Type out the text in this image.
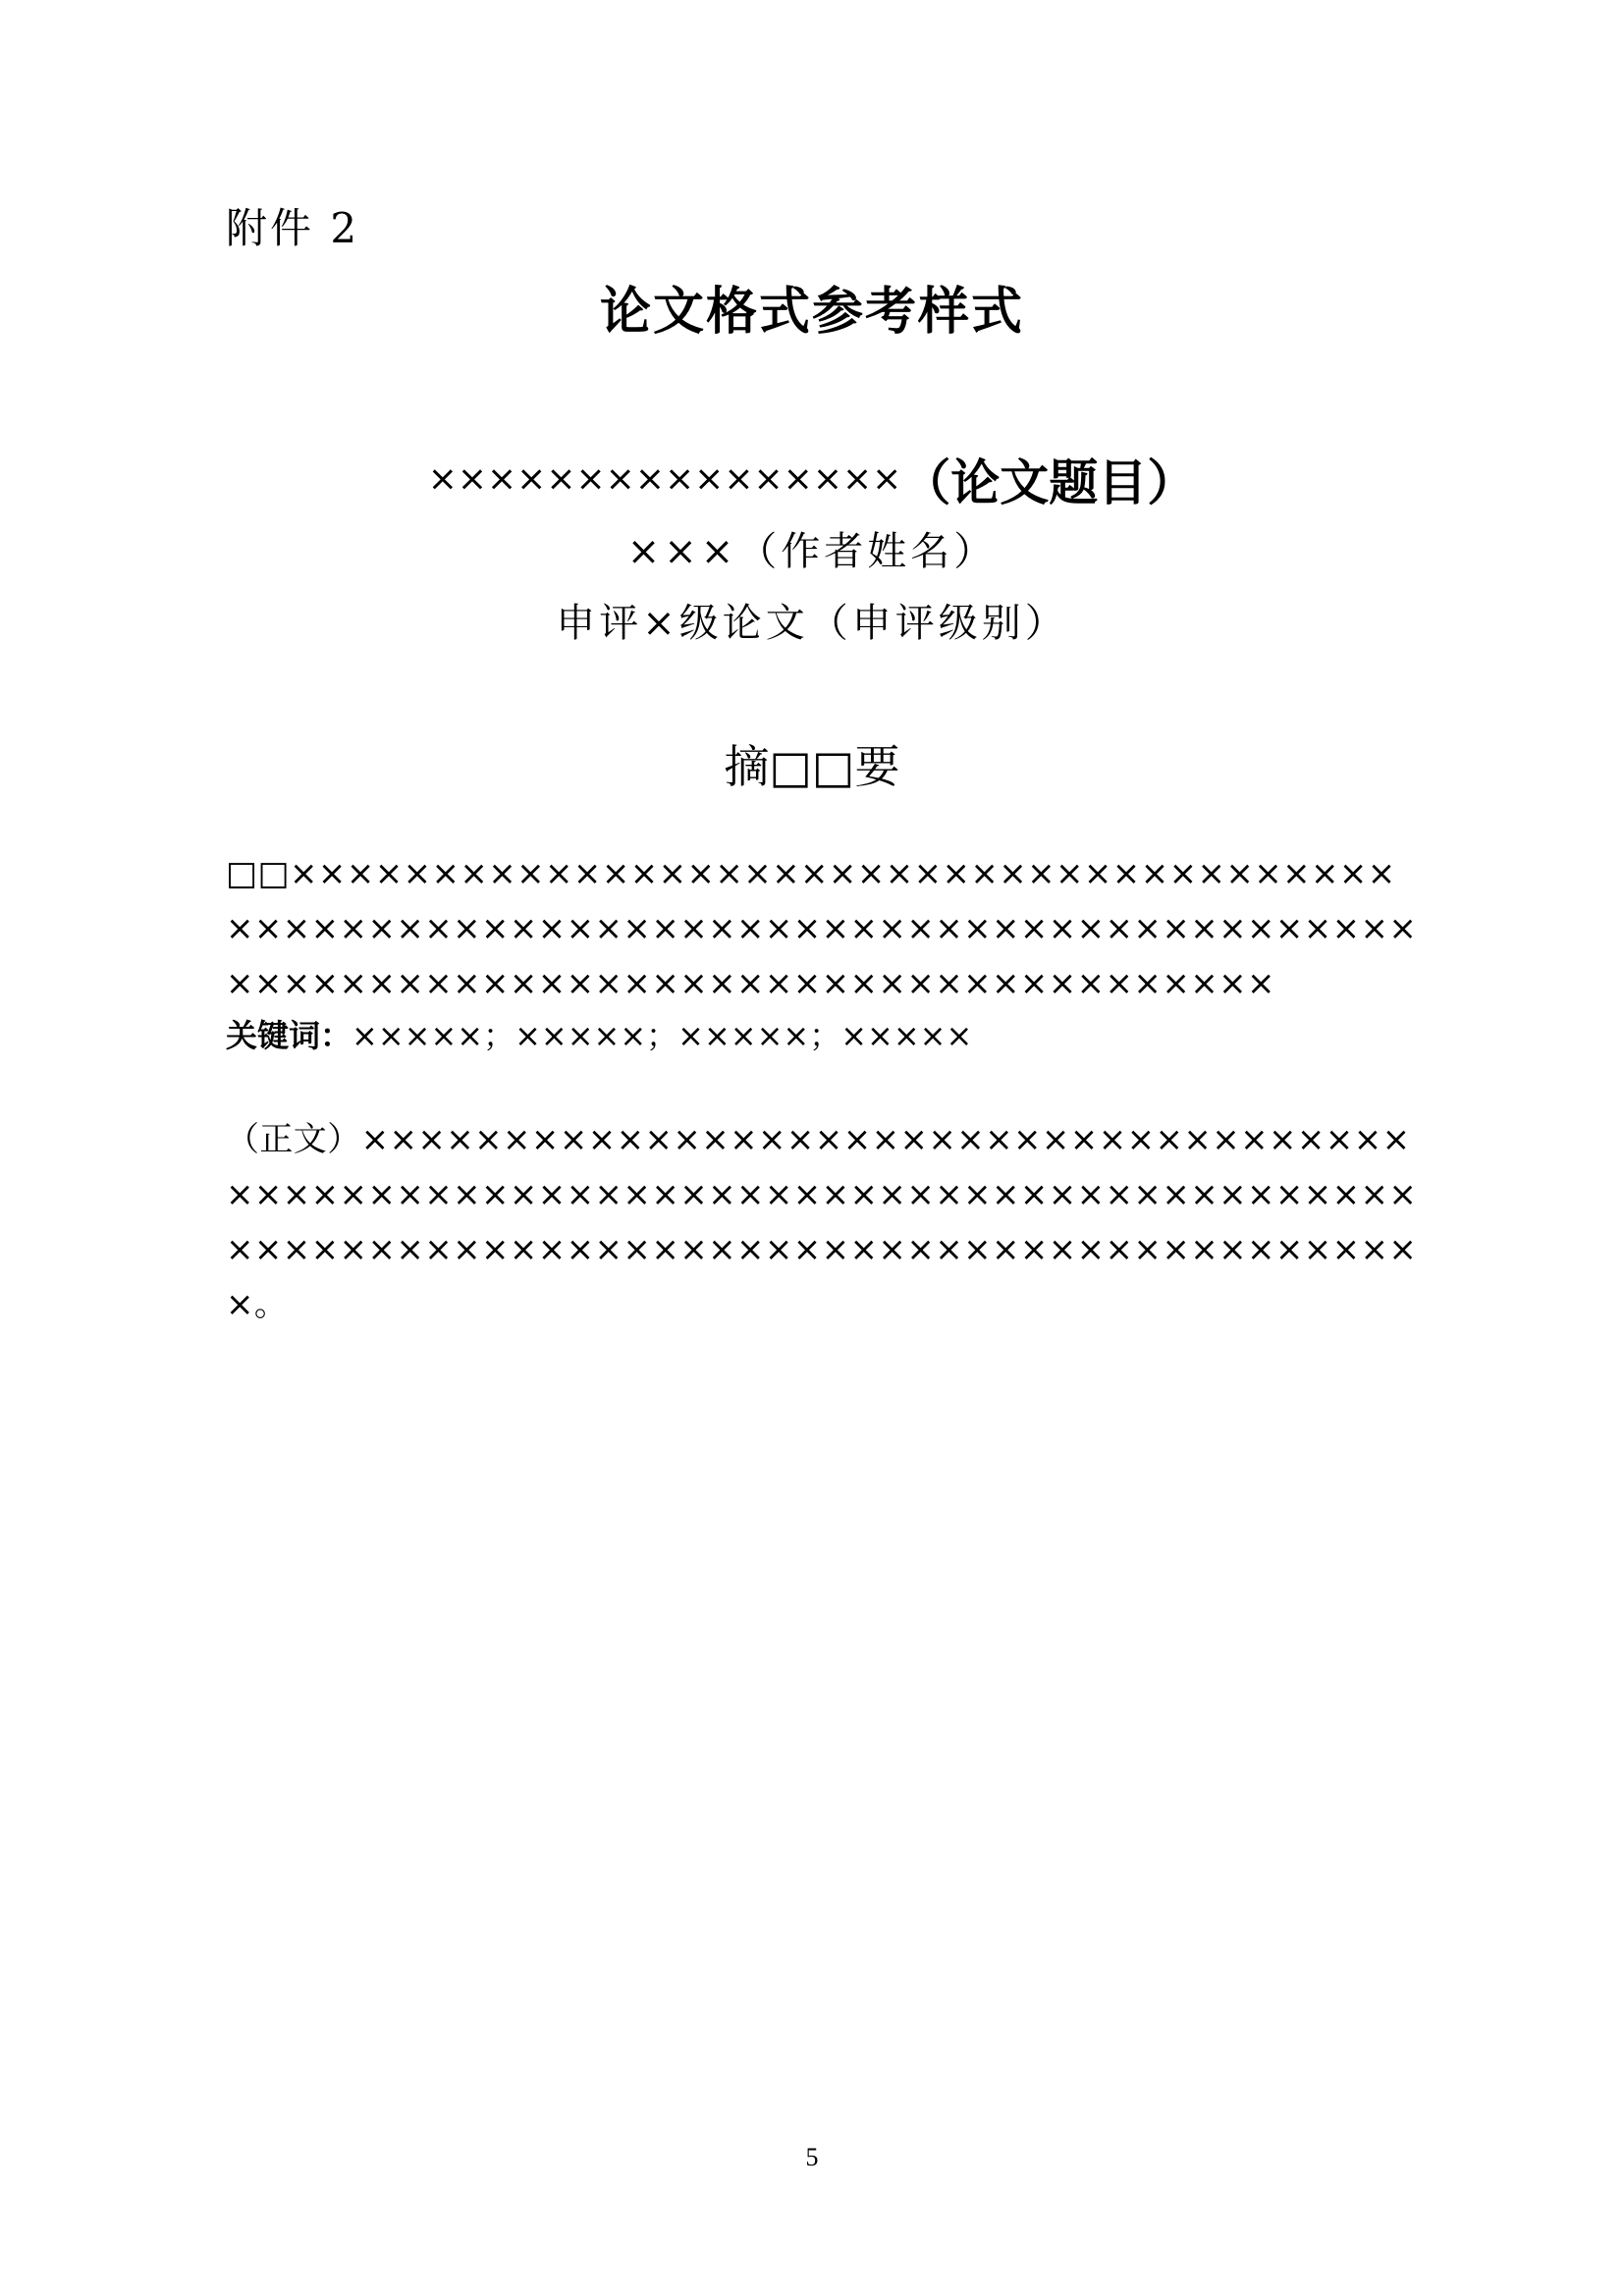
附件 2
论文格式参考样式
××××××××××××××××（论文题目）
×××（作者姓名）
申评×级论文（申评级别）
摘□□要
□□××××××××××××××××××××××××××××××××××××××××××××××××××××××××××××××××××××××××××××××××××××××××××××××××××××××××××××××××××××××
关键词：×××××；×××××；×××××；×××××
（正文）××××××××××××××××××××××××××××××××××××××××××××××××××××××××××××××××××××××××××××××××××××××××××××××××××××××××××××××××××××××××××。
5
